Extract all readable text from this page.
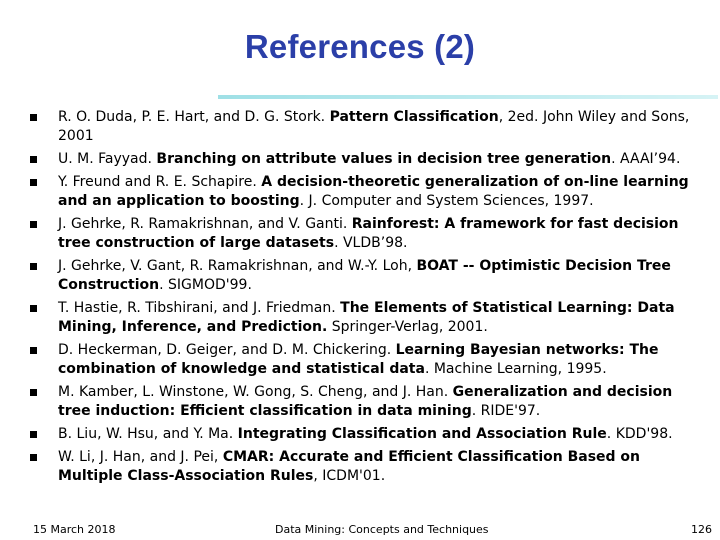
References (2)
R. O. Duda, P. E. Hart, and D. G. Stork. Pattern Classification, 2ed. John Wiley and Sons, 2001
U. M. Fayyad. Branching on attribute values in decision tree generation. AAAI’94.
Y. Freund and R. E. Schapire. A decision-theoretic generalization of on-line learning and an application to boosting. J. Computer and System Sciences, 1997.
J. Gehrke, R. Ramakrishnan, and V. Ganti. Rainforest: A framework for fast decision tree construction of large datasets. VLDB’98.
J. Gehrke, V. Gant, R. Ramakrishnan, and W.-Y. Loh, BOAT -- Optimistic Decision Tree Construction. SIGMOD'99.
T. Hastie, R. Tibshirani, and J. Friedman. The Elements of Statistical Learning: Data Mining, Inference, and Prediction. Springer-Verlag, 2001.
D. Heckerman, D. Geiger, and D. M. Chickering. Learning Bayesian networks: The combination of knowledge and statistical data. Machine Learning, 1995.
M. Kamber, L. Winstone, W. Gong, S. Cheng, and J. Han. Generalization and decision tree induction: Efficient classification in data mining. RIDE'97.
B. Liu, W. Hsu, and Y. Ma. Integrating Classification and Association Rule. KDD'98.
W. Li, J. Han, and J. Pei, CMAR: Accurate and Efficient Classification Based on Multiple Class-Association Rules, ICDM'01.
15 March 2018	Data Mining: Concepts and Techniques	126
